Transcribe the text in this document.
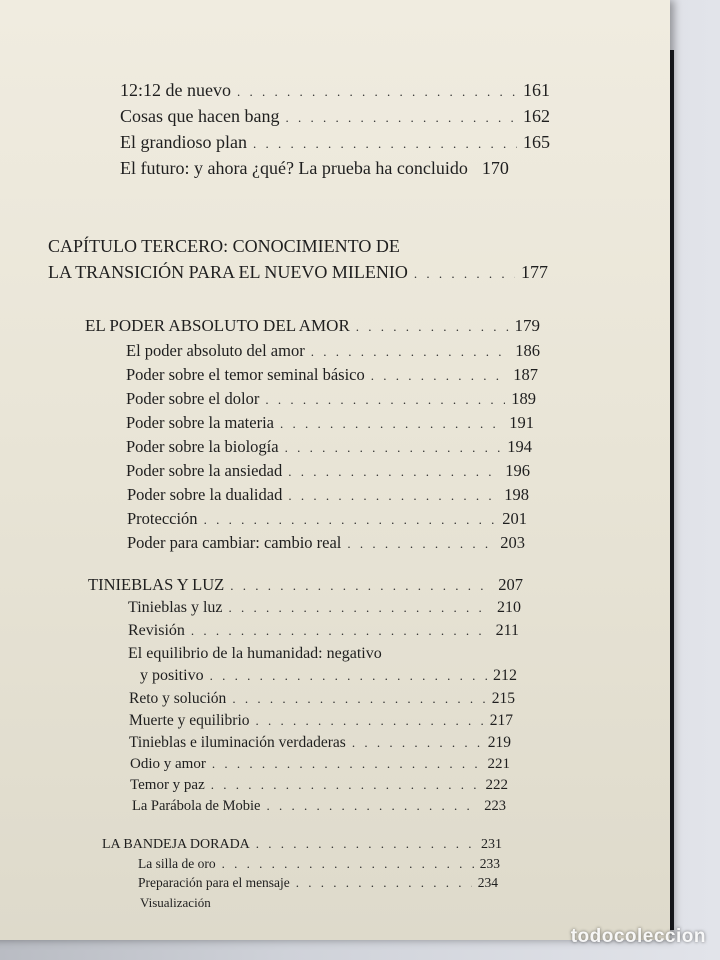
12:12 de nuevo . . .	161
Cosas que hacen bang . . .	162
El grandioso plan . . .	165
El futuro: y ahora ¿qué? La prueba ha concluido 170
CAPÍTULO TERCERO: CONOCIMIENTO DE
LA TRANSICIÓN PARA EL NUEVO MILENIO . . .	177
EL PODER ABSOLUTO DEL AMOR . . .	179
El poder absoluto del amor . . .	186
Poder sobre el temor seminal básico . . .	187
Poder sobre el dolor . . .	189
Poder sobre la materia . . .	191
Poder sobre la biología . . .	194
Poder sobre la ansiedad . . .	196
Poder sobre la dualidad . . .	198
Protección . . .	201
Poder para cambiar: cambio real . . .	203
TINIEBLAS Y LUZ . . .	207
Tinieblas y luz . . .	210
Revisión . . .	211
El equilibrio de la humanidad: negativo
y positivo . . .	212
Reto y solución . . .	215
Muerte y equilibrio . . .	217
Tinieblas e iluminación verdaderas . . .	219
Odio y amor . . .	221
Temor y paz . . .	222
La Parábola de Mobie . . .	223
LA BANDEJA DORADA . . .	231
La silla de oro . . .	233
Preparación para el mensaje . . .	234
Visualización
todocoleccion
